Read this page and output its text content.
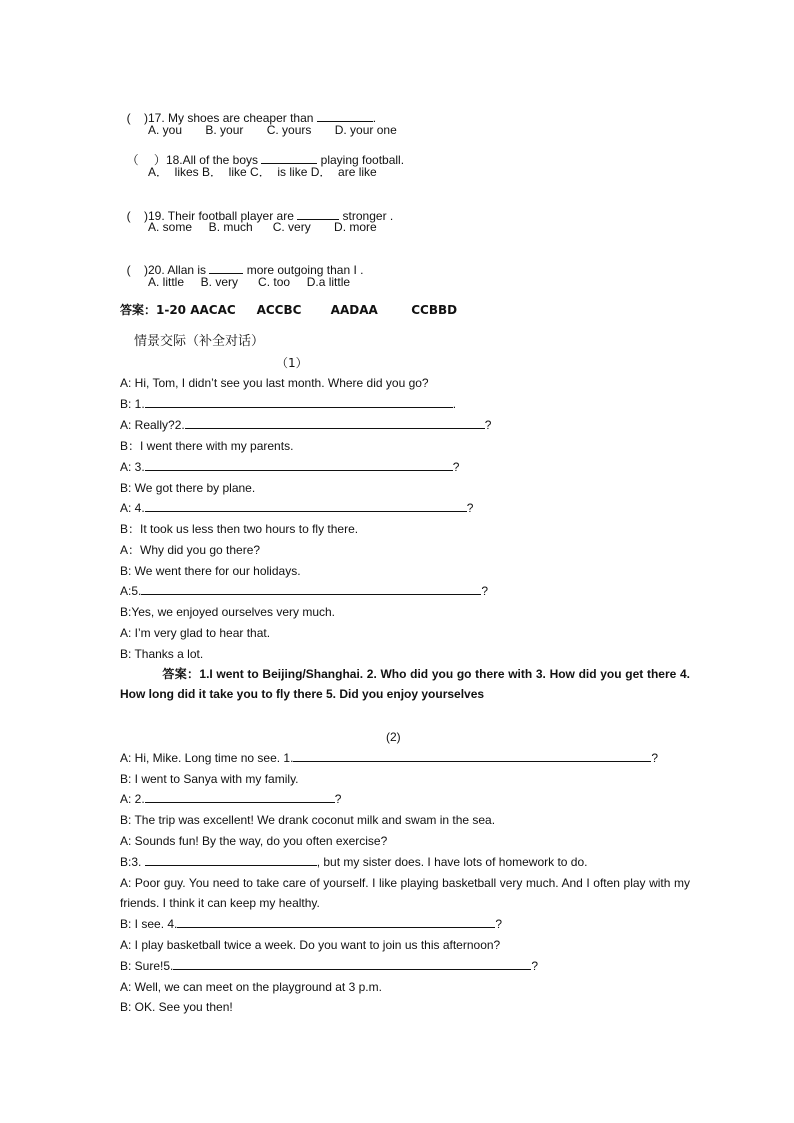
(    )17. My shoes are cheaper than	.

A. you       B. your       C. yours       D. your one

（    ）18.All of the boys	playing football.

A．  likes B．  like C．  is like D．  are like

(    )19. Their football player are	stronger .

A. some     B. much      C. very       D. more

(    )20. Allan is	more outgoing than I .

A. little     B. very      C. too     D.a little
答案：1-20 AACAC     ACCBC       AADAA        CCBBD
情景交际（补全对话）
（1）
A: Hi, Tom, I didn’t see you last month. Where did you go?
B: 1.	.
A: Really?2.	?
B：I went there with my parents.
A: 3.	?
B: We got there by plane.
A: 4.	?
B：It took us less then two hours to fly there.
A：Why did you go there?
B: We went there for our holidays.
A:5.	?
B:Yes, we enjoyed ourselves very much.
A: I’m very glad to hear that.
B: Thanks a lot.
答案：1.I went to Beijing/Shanghai. 2. Who did you go there with 3. How did you get there 4. How long did it take you to fly there 5. Did you enjoy yourselves
(2)
A: Hi, Mike. Long time no see. 1.	?
B: I went to Sanya with my family.
A: 2.	?
B: The trip was excellent! We drank coconut milk and swam in the sea.
A: Sounds fun! By the way, do you often exercise?
B:3.	, but my sister does. I have lots of homework to do.
A: Poor guy. You need to take care of yourself. I like playing basketball very much. And I often play with my friends. I think it can keep my healthy.
B: I see. 4.	?
A: I play basketball twice a week. Do you want to join us this afternoon?
B: Sure!5.	?
A: Well, we can meet on the playground at 3 p.m.
B: OK. See you then!
